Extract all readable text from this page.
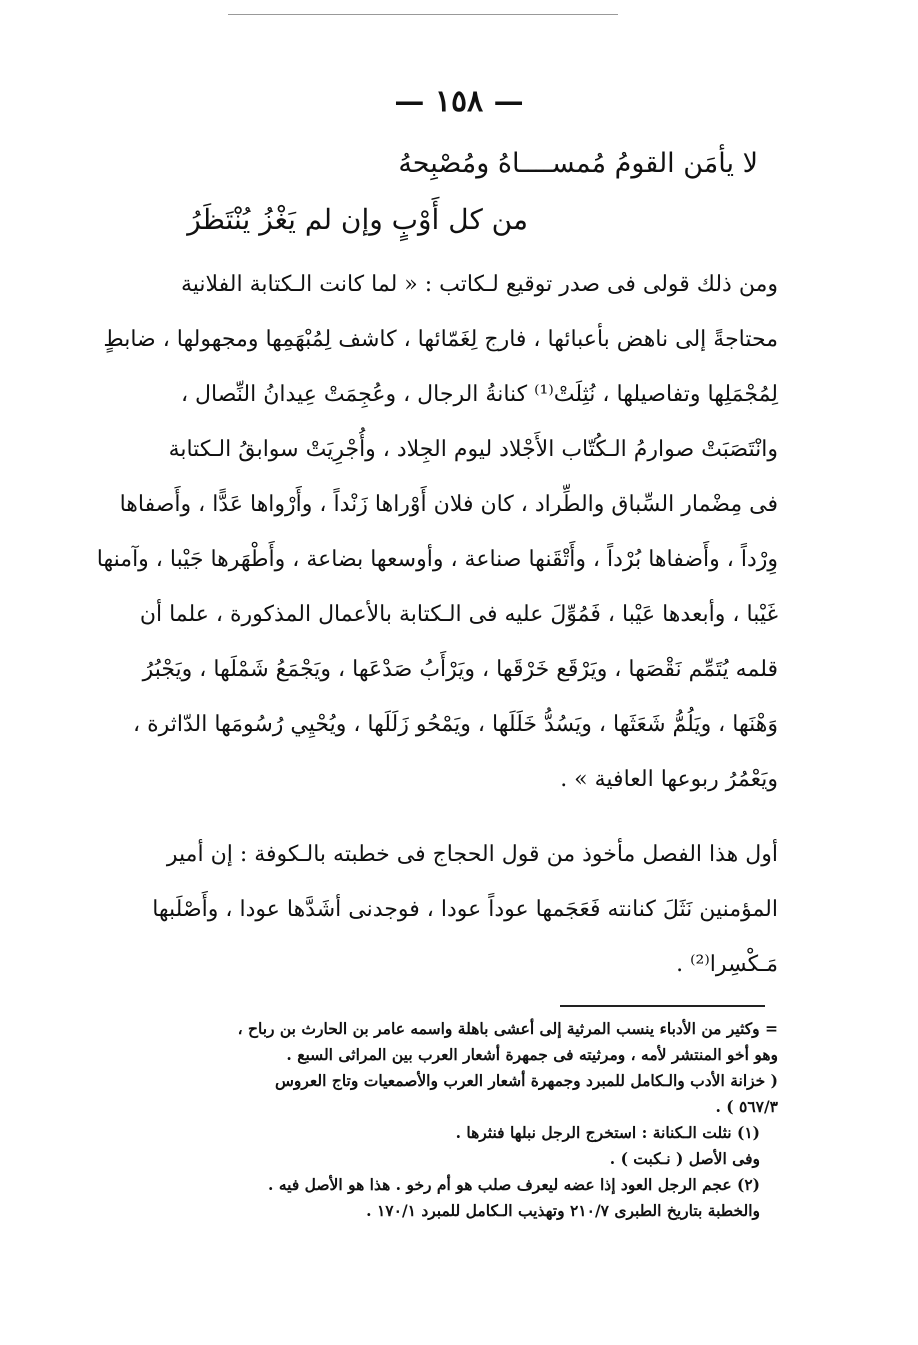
— ١٥٨ —
لا يأمَن القومُ مُمســــاهُ ومُصْبِحهُ
من كل أَوْبٍ وإن لم يَغْزُ يُنْتَظَرُ
ومن ذلك قولى فى صدر توقيع لـكاتب : « لما كانت الـكتابة الفلانية
محتاجةً إلى ناهض بأعبائها ، فارج لِغَمّائها ، كاشف لِمُبْهَمِها ومجهولها ، ضابطٍ
لِمُجْمَلِها وتفاصيلها ، نُثِلَتْ⁽¹⁾ كنانةُ الرجال ، وعُجِمَتْ عِيدانُ النِّصال ،
وانْتَصَبَتْ صوارمُ الـكُتّاب الأَجْلاد ليوم الجِلاد ، وأُجْرِيَتْ سوابقُ الـكتابة
فى مِضْمار السِّباق والطِّراد ، كان فلان أَوْراها زَنْداً ، وأَرْواها عَدًّا ، وأَصفاها
وِرْداً ، وأَضفاها بُرْداً ، وأَتْقَنها صناعة ، وأوسعها بضاعة ، وأَطْهَرها جَيْبا ، وآمنها
غَيْبا ، وأبعدها عَيْبا ، فَمُوِّلَ عليه فى الـكتابة بالأعمال المذكورة ، علما أن
قلمه يُتَمِّم نَقْصَها ، ويَرْقَع خَرْقَها ، ويَرْأَبُ صَدْعَها ، ويَجْمَعُ شَمْلَها ، ويَجْبُرُ
وَهْنَها ، ويَلُمُّ شَعَثَها ، ويَسُدُّ خَلَلَها ، ويَمْحُو زَلَلَها ، ويُحْيِي رُسُومَها الدّاثرة ،
ويَعْمُرُ ربوعها العافية » .
أول هذا الفصل مأخوذ من قول الحجاج فى خطبته بالـكوفة : إن أمير
المؤمنين نَثَلَ كنانته فَعَجَمها عوداً عودا ، فوجدنى أشَدَّها عودا ، وأَصْلَبها
مَـكْسِرا⁽²⁾ .
= وكثير من الأدباء ينسب المرثية إلى أعشى باهلة واسمه عامر بن الحارث بن رباح ،
وهو أخو المنتشر لأمه ، ومرثيته فى جمهرة أشعار العرب بين المراثى السبع .
( خزانة الأدب والـكامل للمبرد وجمهرة أشعار العرب والأصمعيات وتاج العروس
٥٦٧/٣ ) .
(١) نثلت الـكنانة : استخرج الرجل نبلها فنثرها .
وفى الأصل ( نـكبت ) .
(٢) عجم الرجل العود إذا عضه ليعرف صلب هو أم رخو . هذا هو الأصل فيه .
والخطبة بتاريخ الطبرى ٢١٠/٧ وتهذيب الـكامل للمبرد ١٧٠/١ .
